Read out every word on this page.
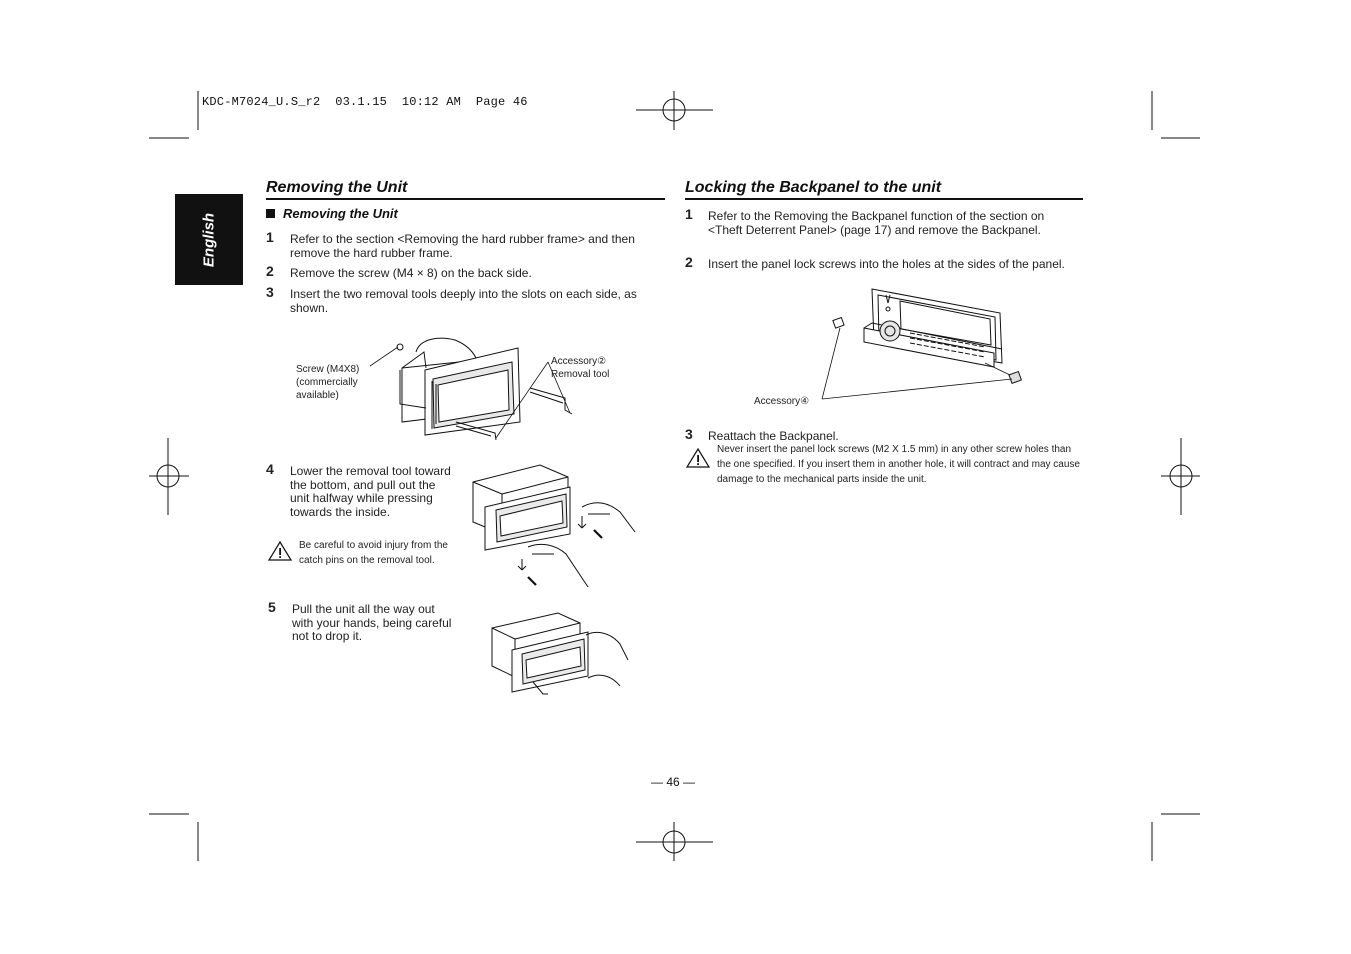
KDC-M7024_U.S_r2  03.1.15  10:12 AM  Page 46
English
Removing the Unit
Removing the Unit
1 Refer to the section <Removing the hard rubber frame> and then remove the hard rubber frame.
2 Remove the screw (M4 × 8) on the back side.
3 Insert the two removal tools deeply into the slots on each side, as shown.
Screw (M4X8)
(commercially
available)
Accessory②
Removal tool
4 Lower the removal tool toward the bottom, and pull out the unit halfway while pressing towards the inside.
Be careful to avoid injury from the catch pins on the removal tool.
5 Pull the unit all the way out with your hands, being careful not to drop it.
Locking the Backpanel to the unit
1 Refer to the Removing the Backpanel function of the section on <Theft Deterrent Panel> (page 17) and remove the Backpanel.
2 Insert the panel lock screws into the holes at the sides of the panel.
Accessory④
3 Reattach the Backpanel.
Never insert the panel lock screws (M2 X 1.5 mm) in any other screw holes than the one specified. If you insert them in another hole, it will contract and may cause damage to the mechanical parts inside the unit.
— 46 —
